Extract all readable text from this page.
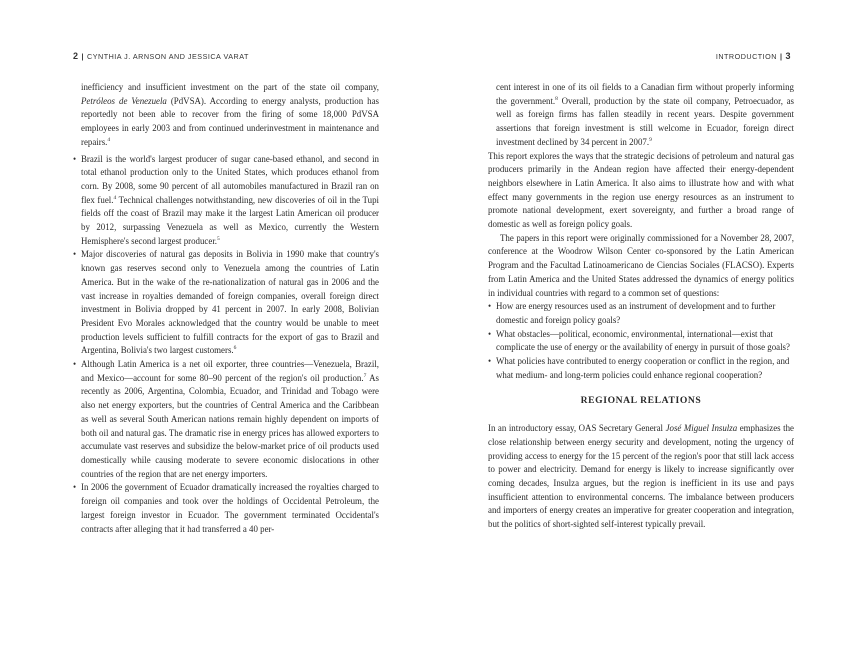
2 | CYNTHIA J. ARNSON AND JESSICA VARAT

inefficiency and insufficient investment on the part of the state oil company, Petróleos de Venezuela (PdVSA). According to energy analysts, production has reportedly not been able to recover from the firing of some 18,000 PdVSA employees in early 2003 and from continued underinvestment in maintenance and repairs.$^4$

• Brazil is the world's largest producer of sugar cane-based ethanol, and second in total ethanol production only to the United States, which produces ethanol from corn. By 2008, some 90 percent of all automobiles manufactured in Brazil ran on flex fuel.$^4$ Technical challenges notwithstanding, new discoveries of oil in the Tupi fields off the coast of Brazil may make it the largest Latin American oil producer by 2012, surpassing Venezuela as well as Mexico, currently the Western Hemisphere's second largest producer.$^5$

• Major discoveries of natural gas deposits in Bolivia in 1990 make that country's known gas reserves second only to Venezuela among the countries of Latin America. But in the wake of the re-nationalization of natural gas in 2006 and the vast increase in royalties demanded of foreign companies, overall foreign direct investment in Bolivia dropped by 41 percent in 2007. In early 2008, Bolivian President Evo Morales acknowledged that the country would be unable to meet production levels sufficient to fulfill contracts for the export of gas to Brazil and Argentina, Bolivia's two largest customers.$^6$

• Although Latin America is a net oil exporter, three countries—Venezuela, Brazil, and Mexico—account for some 80–90 percent of the region's oil production.$^7$ As recently as 2006, Argentina, Colombia, Ecuador, and Trinidad and Tobago were also net energy exporters, but the countries of Central America and the Caribbean as well as several South American nations remain highly dependent on imports of both oil and natural gas. The dramatic rise in energy prices has allowed exporters to accumulate vast reserves and subsidize the below-market price of oil products used domestically while causing moderate to severe economic dislocations in other countries of the region that are net energy importers.

• In 2006 the government of Ecuador dramatically increased the royalties charged to foreign oil companies and took over the holdings of Occidental Petroleum, the largest foreign investor in Ecuador. The government terminated Occidental's contracts after alleging that it had transferred a 40 per-

INTRODUCTION | 3

cent interest in one of its oil fields to a Canadian firm without properly informing the government.$^8$ Overall, production by the state oil company, Petroecuador, as well as foreign firms has fallen steadily in recent years. Despite government assertions that foreign investment is still welcome in Ecuador, foreign direct investment declined by 34 percent in 2007.$^9$

This report explores the ways that the strategic decisions of petroleum and natural gas producers primarily in the Andean region have affected their energy-dependent neighbors elsewhere in Latin America. It also aims to illustrate how and with what effect many governments in the region use energy resources as an instrument to promote national development, exert sovereignty, and further a broad range of domestic as well as foreign policy goals.

The papers in this report were originally commissioned for a November 28, 2007, conference at the Woodrow Wilson Center co-sponsored by the Latin American Program and the Facultad Latinoamericano de Ciencias Sociales (FLACSO). Experts from Latin America and the United States addressed the dynamics of energy politics in individual countries with regard to a common set of questions:

• How are energy resources used as an instrument of development and to further domestic and foreign policy goals?

• What obstacles—political, economic, environmental, international—exist that complicate the use of energy or the availability of energy in pursuit of those goals?

• What policies have contributed to energy cooperation or conflict in the region, and what medium- and long-term policies could enhance regional cooperation?

REGIONAL RELATIONS

In an introductory essay, OAS Secretary General José Miguel Insulza emphasizes the close relationship between energy security and development, noting the urgency of providing access to energy for the 15 percent of the region's poor that still lack access to power and electricity. Demand for energy is likely to increase significantly over coming decades, Insulza argues, but the region is inefficient in its use and pays insufficient attention to environmental concerns. The imbalance between producers and importers of energy creates an imperative for greater cooperation and integration, but the politics of short-sighted self-interest typically prevail.
